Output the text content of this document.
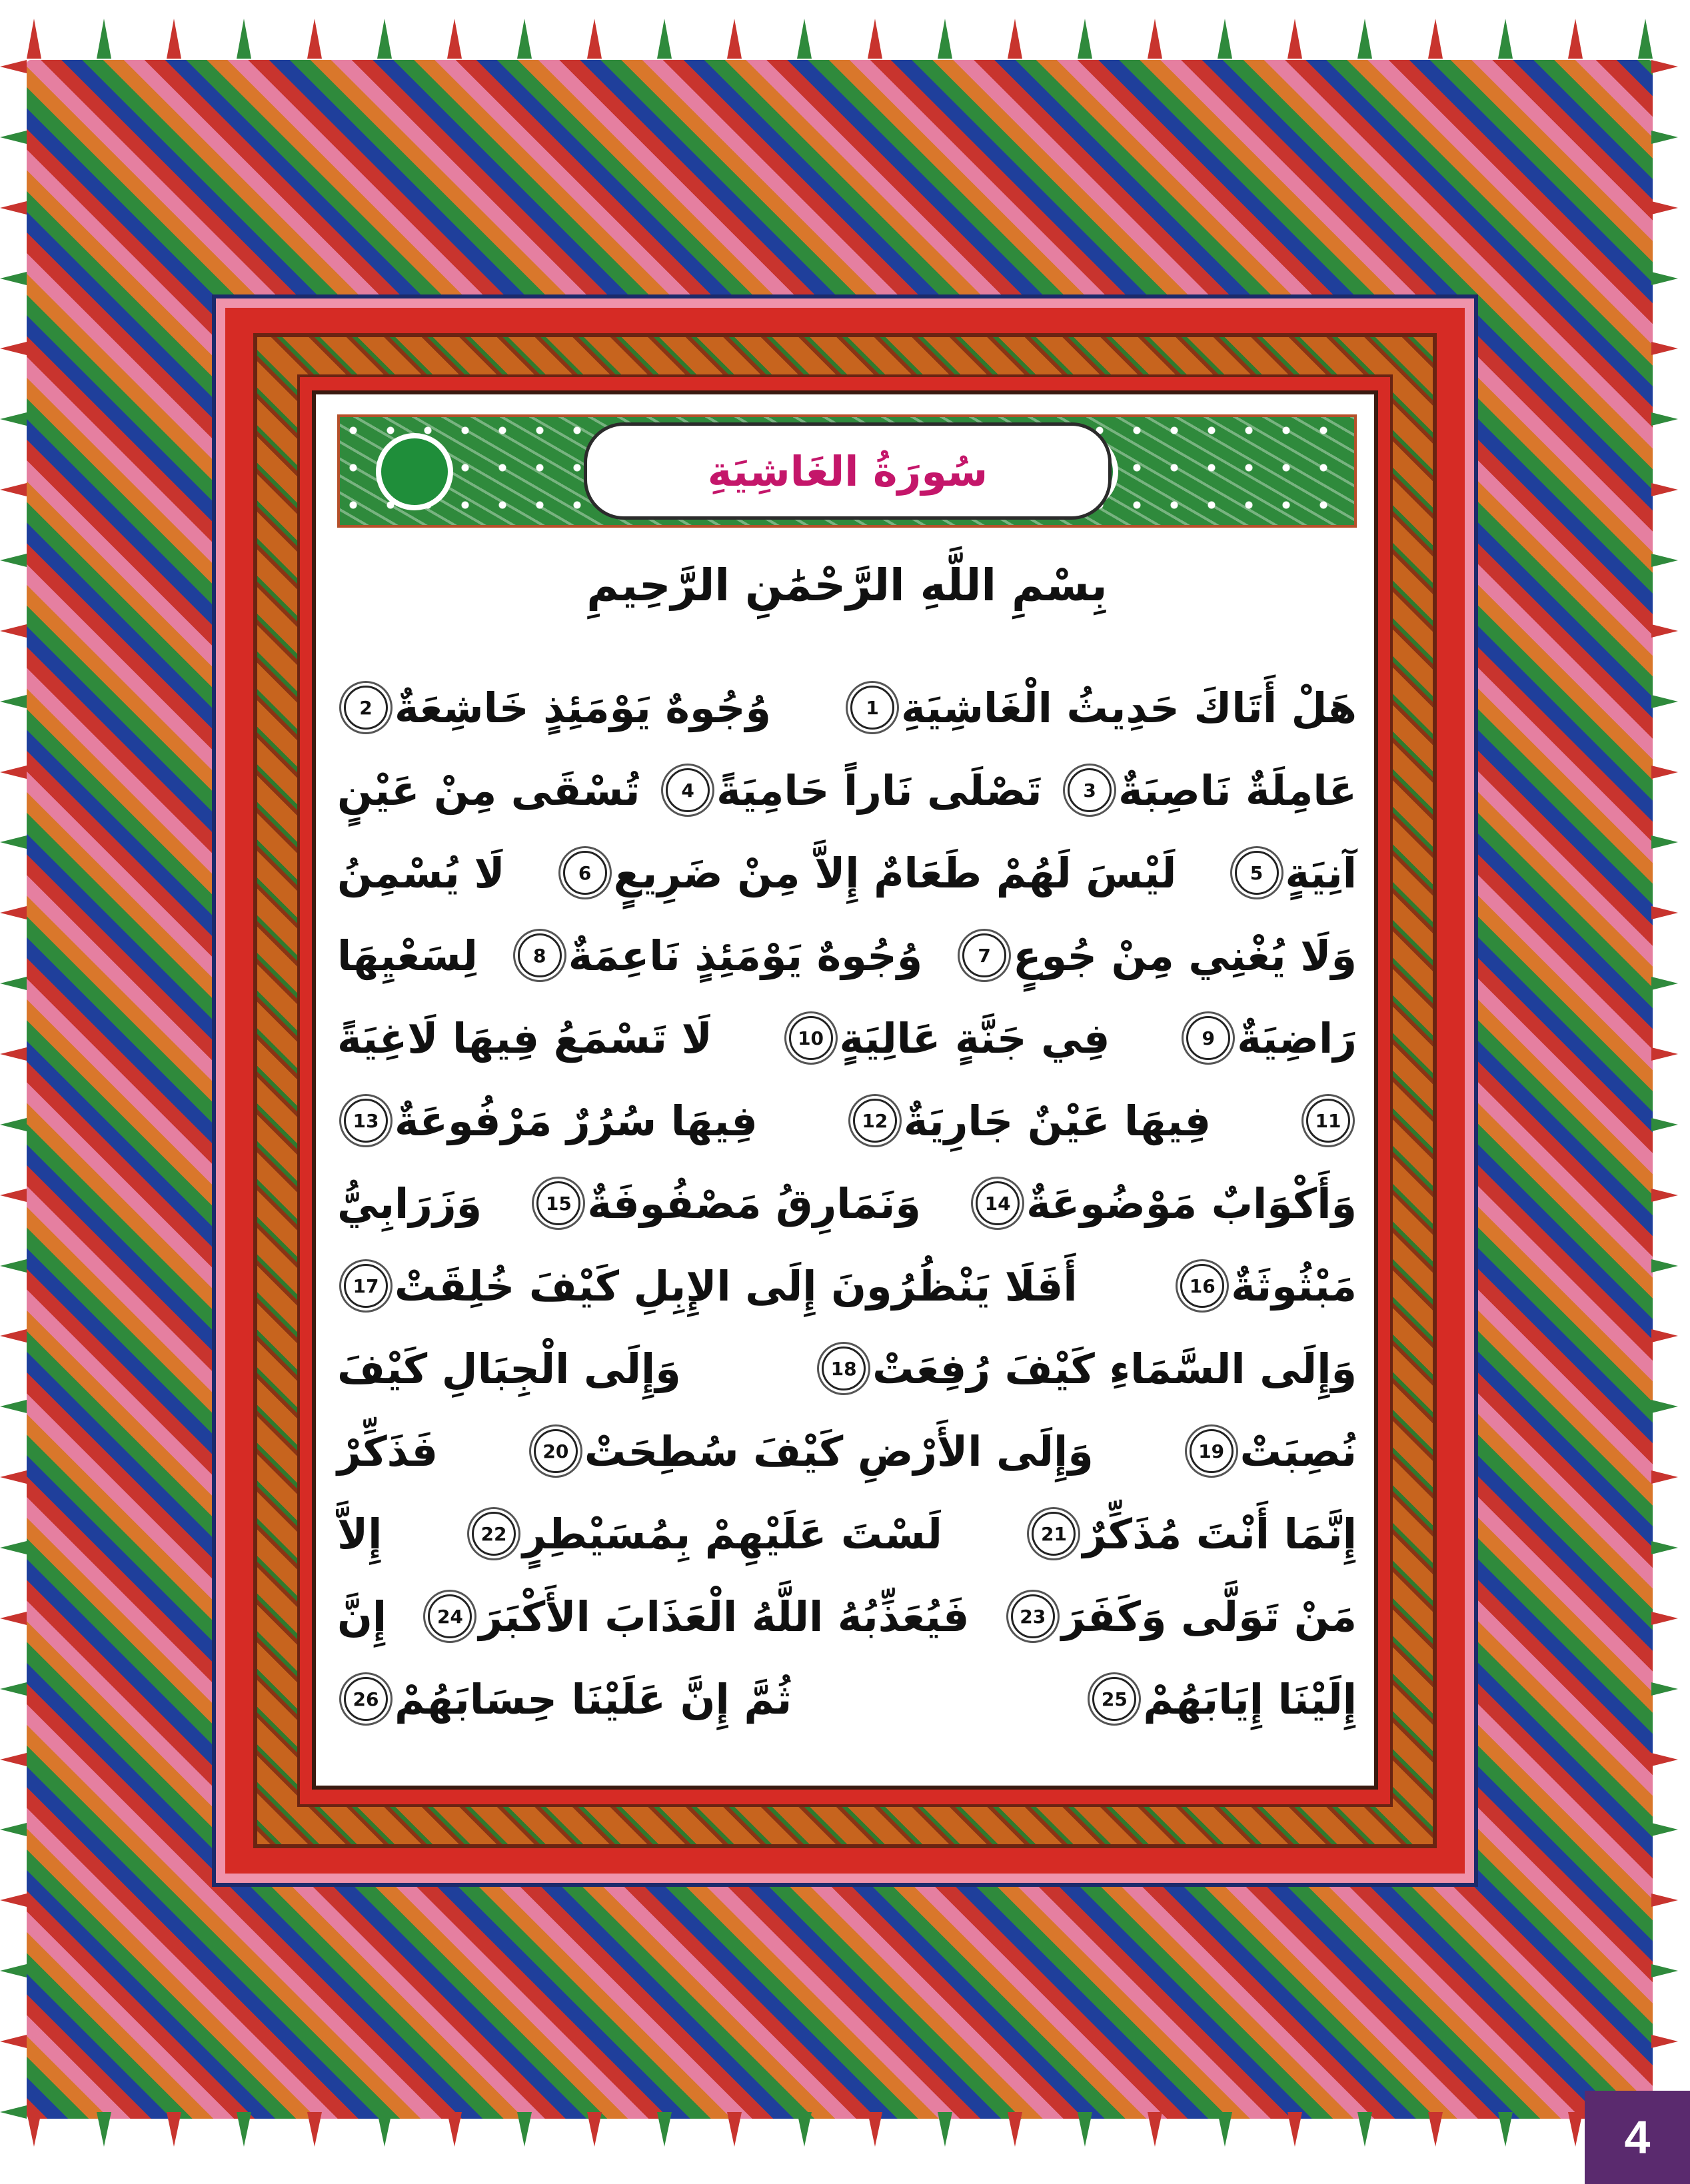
سُورَةُ الغَاشِيَةِ
بِسْمِ اللَّهِ الرَّحْمَٰنِ الرَّحِيمِ
هَلْ أَتَاكَ حَدِيثُ الْغَاشِيَةِ
1
وُجُوهٌ يَوْمَئِذٍ خَاشِعَةٌ
2
عَامِلَةٌ نَاصِبَةٌ
3
تَصْلَى نَاراً حَامِيَةً
4
تُسْقَى مِنْ عَيْنٍ
آنِيَةٍ
5
لَيْسَ لَهُمْ طَعَامٌ إِلاَّ مِنْ ضَرِيعٍ
6
لَا يُسْمِنُ
وَلَا يُغْنِي مِنْ جُوعٍ
7
وُجُوهٌ يَوْمَئِذٍ نَاعِمَةٌ
8
لِسَعْيِهَا
رَاضِيَةٌ
9
فِي جَنَّةٍ عَالِيَةٍ
10
لَا تَسْمَعُ فِيهَا لَاغِيَةً
11
فِيهَا عَيْنٌ جَارِيَةٌ
12
فِيهَا سُرُرٌ مَرْفُوعَةٌ
13
وَأَكْوَابٌ مَوْضُوعَةٌ
14
وَنَمَارِقُ مَصْفُوفَةٌ
15
وَزَرَابِيُّ
مَبْثُوثَةٌ
16
أَفَلَا يَنْظُرُونَ إِلَى الإِبِلِ كَيْفَ خُلِقَتْ
17
وَإِلَى السَّمَاءِ كَيْفَ رُفِعَتْ
18
وَإِلَى الْجِبَالِ كَيْفَ
نُصِبَتْ
19
وَإِلَى الأَرْضِ كَيْفَ سُطِحَتْ
20
فَذَكِّرْ
إِنَّمَا أَنْتَ مُذَكِّرٌ
21
لَسْتَ عَلَيْهِمْ بِمُسَيْطِرٍ
22
إِلاَّ
مَنْ تَوَلَّى وَكَفَرَ
23
فَيُعَذِّبُهُ اللَّهُ الْعَذَابَ الأَكْبَرَ
24
إِنَّ
إِلَيْنَا إِيَابَهُمْ
25
ثُمَّ إِنَّ عَلَيْنَا حِسَابَهُمْ
26
4
